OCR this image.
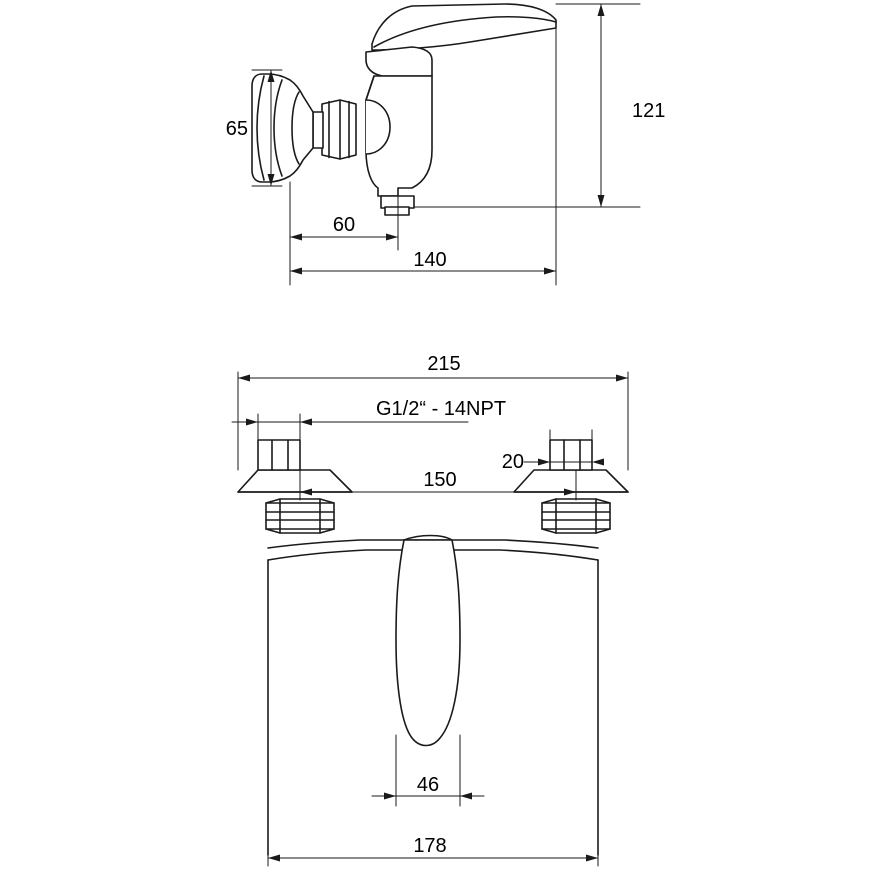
121
65
60
140
215
G1/2“ - 14NPT
150
20
46
178
